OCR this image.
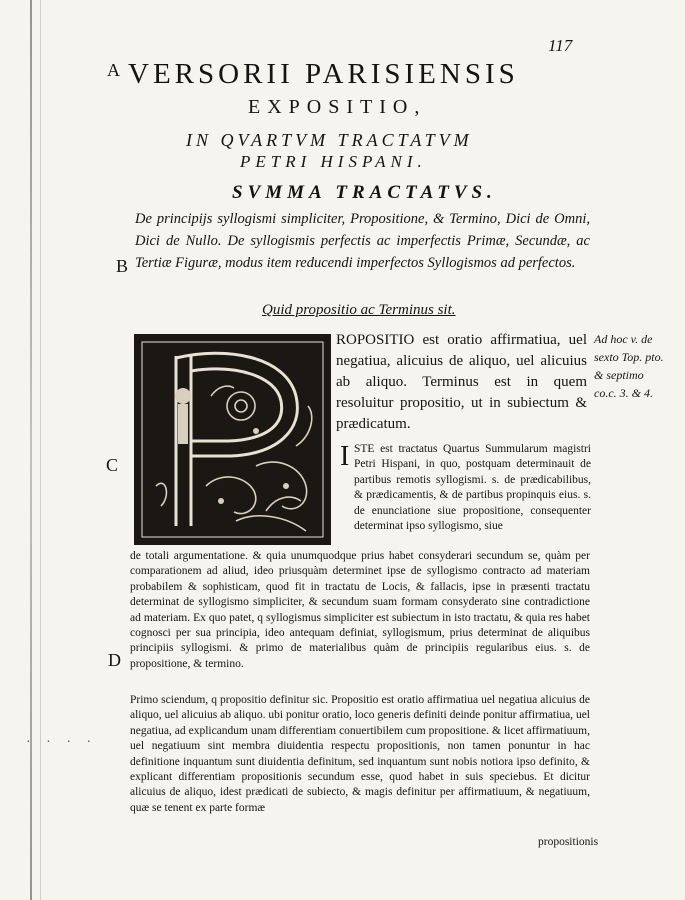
117
A
B
C
D
VERSORII PARISIENSIS
EXPOSITIO,
IN QVARTVM TRACTATVM
PETRI HISPANI.
SVMMA TRACTATVS.
De principijs syllogismi simpliciter, Propositione, & Termino, Dici de Omni, Dici de Nullo. De syllogismis perfectis ac imperfectis Primæ, Secundæ, ac Tertiæ Figuræ, modus item reducendi imperfectos Syllogismos ad perfectos.
Quid propositio ac Terminus sit.
ROPOSITIO est oratio affirmatiua, uel negatiua, alicuius de aliquo, uel alicuius ab aliquo. Terminus est in quem resoluitur propositio, ut in subiectum & prædicatum.
Ad hoc v. de sexto Top. pto. & septimo co.c. 3. & 4.
I STE est tractatus Quartus Summularum magistri Petri Hispani, in quo, postquam determinauit de partibus remotis syllogismi. s. de prædicabilibus, & prædicamentis, & de partibus propinquis eius. s. de enunciatione siue propositione, consequenter determinat ipso syllogismo, siue
de totali argumentatione. & quia unumquodque prius habet consyderari secundum se, quàm per comparationem ad aliud, ideo priusquàm determinet ipse de syllogismo contracto ad materiam probabilem & sophisticam, quod fit in tractatu de Locis, & fallacis, ipse in præsenti tractatu determinat de syllogismo simpliciter, & secundum suam formam consyderato sine contradictione ad materiam. Ex quo patet, q syllogismus simpliciter est subiectum in isto tractatu, & quia res habet cognosci per sua principia, ideo antequam definiat, syllogismum, prius determinat de aliquibus principiis syllogismi. & primo de materialibus quàm de principiis regularibus eius. s. de propositione, & termino.
Primo sciendum, q propositio definitur sic. Propositio est oratio affirmatiua uel negatiua alicuius de aliquo, uel alicuius ab aliquo. ubi ponitur oratio, loco generis definiti deinde ponitur affirmatiua, uel negatiua, ad explicandum unam differentiam conuertibilem cum propositione. & licet affirmatiuum, uel negatiuum sint membra diuidentia respectu propositionis, non tamen ponuntur in hac definitione inquantum sunt diuidentia definitum, sed inquantum sunt nobis notiora ipso definito, & explicant differentiam propositionis secundum esse, quod habet in suis speciebus. Et dicitur alicuius de aliquo, idest prædicati de subiecto, & magis definitur per affirmatiuum, & negatiuum, quæ se tenent ex parte formæ
propositionis
· · · ·
